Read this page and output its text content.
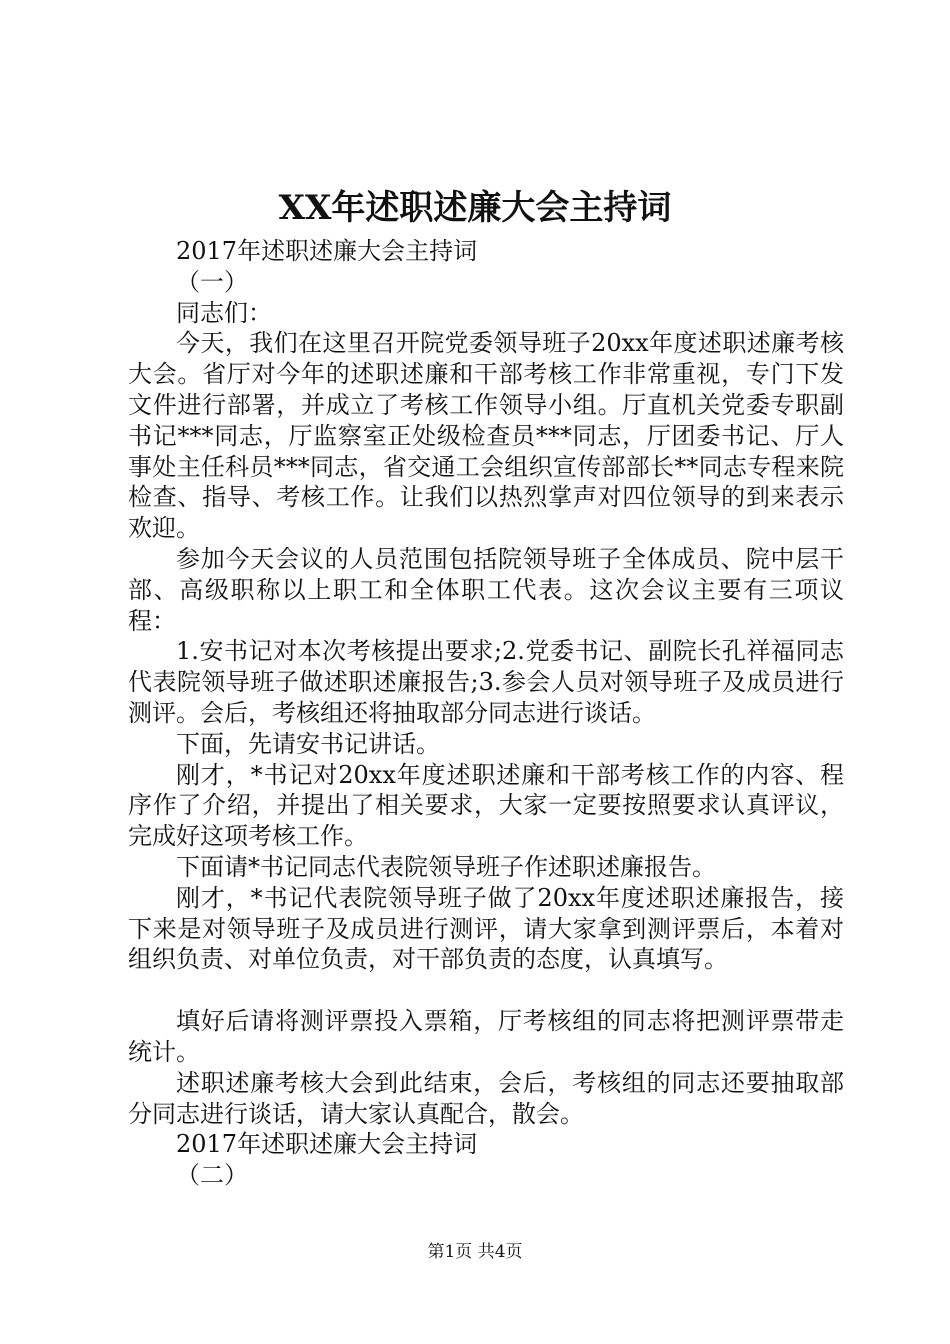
XX年述职述廉大会主持词

2017年述职述廉大会主持词

（一）

同志们：

今天，我们在这里召开院党委领导班子20xx年度述职述廉考核大会。省厅对今年的述职述廉和干部考核工作非常重视，专门下发文件进行部署，并成立了考核工作领导小组。厅直机关党委专职副书记***同志，厅监察室正处级检查员***同志，厅团委书记、厅人事处主任科员***同志，省交通工会组织宣传部部长**同志专程来院检查、指导、考核工作。让我们以热烈掌声对四位领导的到来表示欢迎。

参加今天会议的人员范围包括院领导班子全体成员、院中层干部、高级职称以上职工和全体职工代表。这次会议主要有三项议程：

1.安书记对本次考核提出要求;2.党委书记、副院长孔祥福同志代表院领导班子做述职述廉报告;3.参会人员对领导班子及成员进行测评。会后，考核组还将抽取部分同志进行谈话。

下面，先请安书记讲话。

刚才，*书记对20xx年度述职述廉和干部考核工作的内容、程序作了介绍，并提出了相关要求，大家一定要按照要求认真评议，完成好这项考核工作。

下面请*书记同志代表院领导班子作述职述廉报告。

刚才，*书记代表院领导班子做了20xx年度述职述廉报告，接下来是对领导班子及成员进行测评，请大家拿到测评票后，本着对组织负责、对单位负责，对干部负责的态度，认真填写。

填好后请将测评票投入票箱，厅考核组的同志将把测评票带走统计。

述职述廉考核大会到此结束，会后，考核组的同志还要抽取部分同志进行谈话，请大家认真配合，散会。

2017年述职述廉大会主持词

（二）

第1页 共4页
